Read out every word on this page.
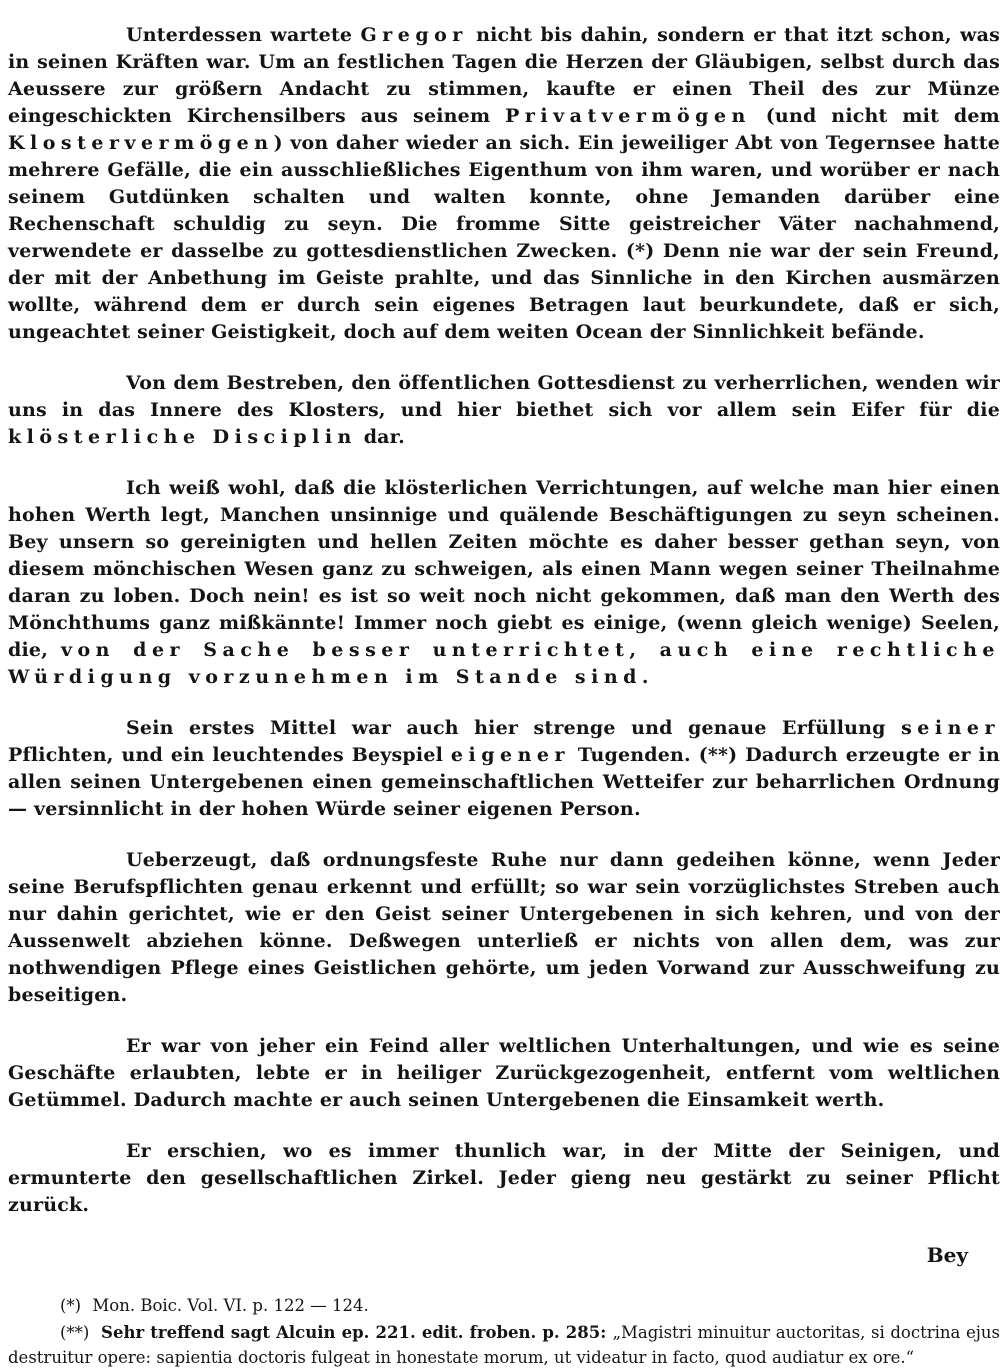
Unterdessen wartete Gregor nicht bis dahin, sondern er that itzt schon, was in seinen Kräften war. Um an festlichen Tagen die Herzen der Gläubigen, selbst durch das Aeussere zur größern Andacht zu stimmen, kaufte er einen Theil des zur Münze eingeschickten Kirchensilbers aus seinem Privatvermögen (und nicht mit dem Klostervermögen) von daher wieder an sich. Ein jeweiliger Abt von Tegernsee hatte mehrere Gefälle, die ein ausschließliches Eigenthum von ihm waren, und worüber er nach seinem Gutdünken schalten und walten konnte, ohne Jemanden darüber eine Rechenschaft schuldig zu seyn. Die fromme Sitte geistreicher Väter nachahmend, verwendete er dasselbe zu gottesdienstlichen Zwecken. (*) Denn nie war der sein Freund, der mit der Anbethung im Geiste prahlte, und das Sinnliche in den Kirchen ausmärzen wollte, während dem er durch sein eigenes Betragen laut beurkundete, daß er sich, ungeachtet seiner Geistigkeit, doch auf dem weiten Ocean der Sinnlichkeit befände.

Von dem Bestreben, den öffentlichen Gottesdienst zu verherrlichen, wenden wir uns in das Innere des Klosters, und hier biethet sich vor allem sein Eifer für die klösterliche Disciplin dar.

Ich weiß wohl, daß die klösterlichen Verrichtungen, auf welche man hier einen hohen Werth legt, Manchen unsinnige und quälende Beschäftigungen zu seyn scheinen. Bey unsern so gereinigten und hellen Zeiten möchte es daher besser gethan seyn, von diesem mönchischen Wesen ganz zu schweigen, als einen Mann wegen seiner Theilnahme daran zu loben. Doch nein! es ist so weit noch nicht gekommen, daß man den Werth des Mönchthums ganz mißkännte! Immer noch giebt es einige, (wenn gleich wenige) Seelen, die, von der Sache besser unterrichtet, auch eine rechtliche Würdigung vorzunehmen im Stande sind.

Sein erstes Mittel war auch hier strenge und genaue Erfüllung seiner Pflichten, und ein leuchtendes Beyspiel eigener Tugenden. (**) Dadurch erzeugte er in allen seinen Untergebenen einen gemeinschaftlichen Wetteifer zur beharrlichen Ordnung — versinnlicht in der hohen Würde seiner eigenen Person.

Ueberzeugt, daß ordnungsfeste Ruhe nur dann gedeihen könne, wenn Jeder seine Berufspflichten genau erkennt und erfüllt; so war sein vorzüglichstes Streben auch nur dahin gerichtet, wie er den Geist seiner Untergebenen in sich kehren, und von der Aussenwelt abziehen könne. Deßwegen unterließ er nichts von allen dem, was zur nothwendigen Pflege eines Geistlichen gehörte, um jeden Vorwand zur Ausschweifung zu beseitigen.

Er war von jeher ein Feind aller weltlichen Unterhaltungen, und wie es seine Geschäfte erlaubten, lebte er in heiliger Zurückgezogenheit, entfernt vom weltlichen Getümmel. Dadurch machte er auch seinen Untergebenen die Einsamkeit werth.

Er erschien, wo es immer thunlich war, in der Mitte der Seinigen, und ermunterte den gesellschaftlichen Zirkel. Jeder gieng neu gestärkt zu seiner Pflicht zurück.

Bey

(*) Mon. Boic. Vol. VI. p. 122 — 124.

(**) Sehr treffend sagt Alcuin ep. 221. edit. froben. p. 285: „Magistri minuitur auctoritas, si doctrina ejus destruitur opere: sapientia doctoris fulgeat in honestate morum, ut videatur in facto, quod audiatur ex ore.“
